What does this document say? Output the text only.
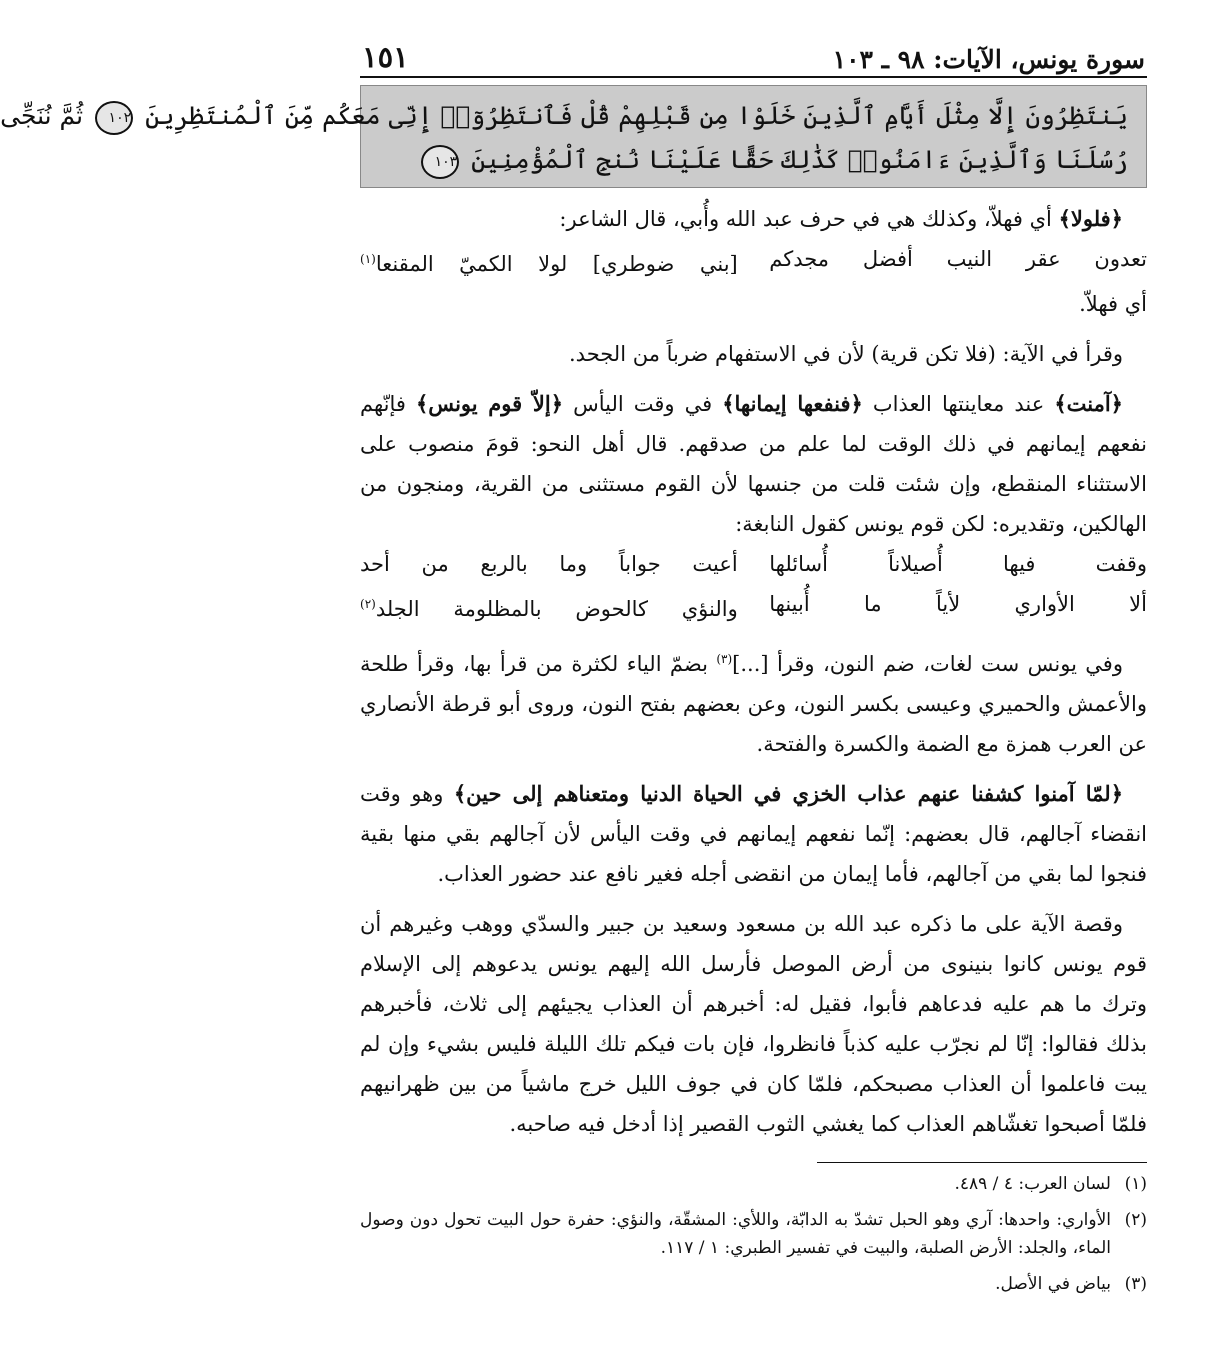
سورة يونس، الآيات: ٩٨ ـ ١٠٣
١٥١
يَنتَظِرُونَ إِلَّا مِثْلَ أَيَّامِ ٱلَّذِينَ خَلَوْا مِن قَبْلِهِمْ قُلْ فَٱنتَظِرُوٓا۟ إِنِّى مَعَكُم مِّنَ ٱلْمُنتَظِرِينَ ١٠٢ ثُمَّ نُنَجِّى
رُسُلَنَا وَٱلَّذِينَ ءَامَنُوا۟ كَذَٰلِكَ حَقًّا عَلَيْنَا نُنجِ ٱلْمُؤْمِنِينَ ١٠٣

﴿فلولا﴾ أي فهلاّ، وكذلك هي في حرف عبد الله وأُبي، قال الشاعر:

تعدون عقر النيب أفضل مجدكم
[بني ضوطري] لولا الكميّ المقنعا$^{(١)}$

أي فهلاّ.

وقرأ في الآية: (فلا تكن قرية) لأن في الاستفهام ضرباً من الجحد.

﴿آمنت﴾ عند معاينتها العذاب ﴿فنفعها إيمانها﴾ في وقت اليأس ﴿إلاّ قوم يونس﴾ فإنّهم نفعهم إيمانهم في ذلك الوقت لما علم من صدقهم. قال أهل النحو: قومَ منصوب على الاستثناء المنقطع، وإن شئت قلت من جنسها لأن القوم مستثنى من القرية، ومنجون من الهالكين، وتقديره: لكن قوم يونس كقول النابغة:

وقفت فيها أُصيلاناً أُسائلها
أعيت جواباً وما بالربع من أحد
ألا الأواري لأياً ما أُبينها
والنؤي كالحوض بالمظلومة الجلد$^{(٢)}$

وفي يونس ست لغات، ضم النون، وقرأ [...]$^{(٣)}$ بضمّ الياء لكثرة من قرأ بها، وقرأ طلحة والأعمش والحميري وعيسى بكسر النون، وعن بعضهم بفتح النون، وروى أبو قرطة الأنصاري عن العرب همزة مع الضمة والكسرة والفتحة.

﴿لمّا آمنوا كشفنا عنهم عذاب الخزي في الحياة الدنيا ومتعناهم إلى حين﴾ وهو وقت انقضاء آجالهم، قال بعضهم: إنّما نفعهم إيمانهم في وقت اليأس لأن آجالهم بقي منها بقية فنجوا لما بقي من آجالهم، فأما إيمان من انقضى أجله فغير نافع عند حضور العذاب.

وقصة الآية على ما ذكره عبد الله بن مسعود وسعيد بن جبير والسدّي ووهب وغيرهم أن قوم يونس كانوا بنينوى من أرض الموصل فأرسل الله إليهم يونس يدعوهم إلى الإسلام وترك ما هم عليه فدعاهم فأبوا، فقيل له: أخبرهم أن العذاب يجيئهم إلى ثلاث، فأخبرهم بذلك فقالوا: إنّا لم نجرّب عليه كذباً فانظروا، فإن بات فيكم تلك الليلة فليس بشيء وإن لم يبت فاعلموا أن العذاب مصبحكم، فلمّا كان في جوف الليل خرج ماشياً من بين ظهرانيهم فلمّا أصبحوا تغشّاهم العذاب كما يغشي الثوب القصير إذا أدخل فيه صاحبه.

(١)
لسان العرب: ٤ / ٤٨٩.
(٢)
الأواري: واحدها: آري وهو الحبل تشدّ به الدابّة، واللأي: المشقّة، والنؤي: حفرة حول البيت تحول دون وصول الماء، والجلد: الأرض الصلبة، والبيت في تفسير الطبري: ١ / ١١٧.
(٣)
بياض في الأصل.
